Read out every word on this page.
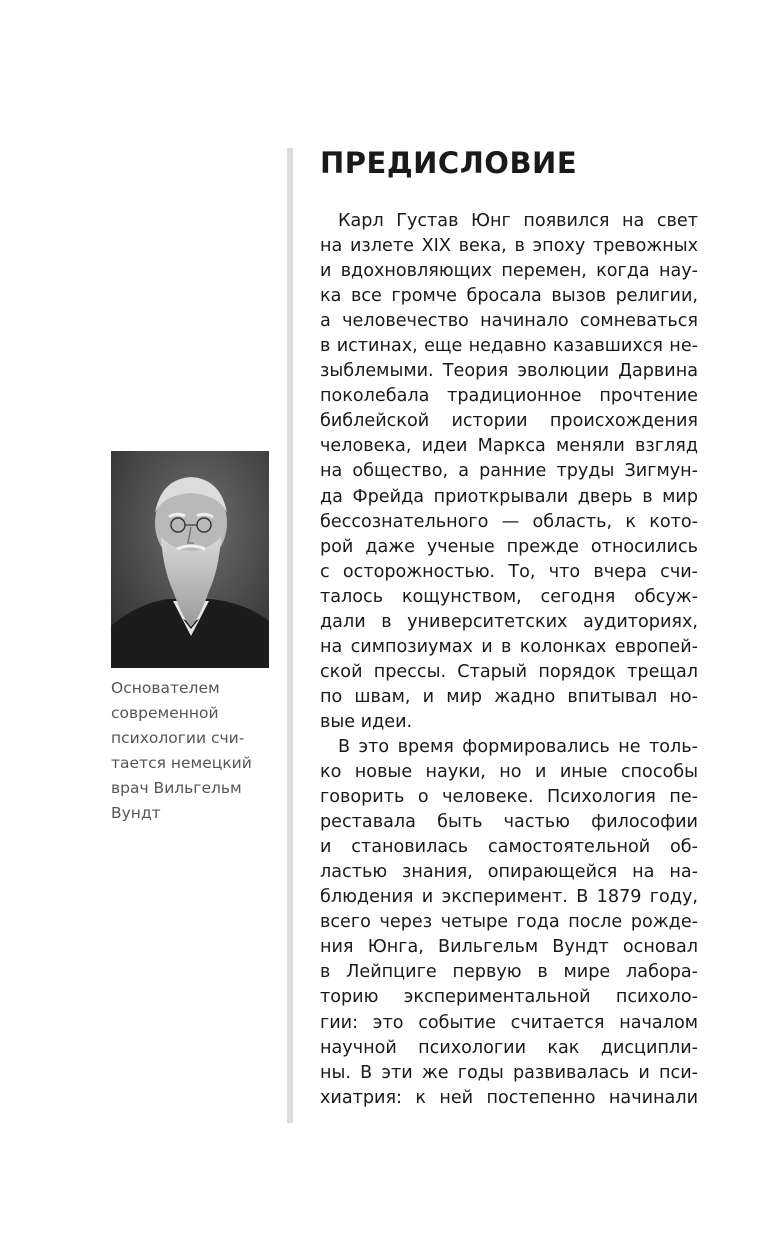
Основателем
современной
психологии счи-
тается немецкий
врач Вильгельм
Вундт
ПРЕДИСЛОВИЕ
Карл Густав Юнг появился на свет
на излете XIX века, в эпоху тревожных
и вдохновляющих перемен, когда нау-
ка все громче бросала вызов религии,
а человечество начинало сомневаться
в истинах, еще недавно казавшихся не-
зыблемыми. Теория эволюции Дарвина
поколебала традиционное прочтение
библейской истории происхождения
человека, идеи Маркса меняли взгляд
на общество, а ранние труды Зигмун-
да Фрейда приоткрывали дверь в мир
бессознательного — область, к кото-
рой даже ученые прежде относились
с осторожностью. То, что вчера счи-
талось кощунством, сегодня обсуж-
дали в университетских аудиториях,
на симпозиумах и в колонках европей-
ской прессы. Старый порядок трещал
по швам, и мир жадно впитывал но-
вые идеи.
В это время формировались не толь-
ко новые науки, но и иные способы
говорить о человеке. Психология пе-
реставала быть частью философии
и становилась самостоятельной об-
ластью знания, опирающейся на на-
блюдения и эксперимент. В 1879 году,
всего через четыре года после рожде-
ния Юнга, Вильгельм Вундт основал
в Лейпциге первую в мире лабора-
торию экспериментальной психоло-
гии: это событие считается началом
научной психологии как дисципли-
ны. В эти же годы развивалась и пси-
хиатрия: к ней постепенно начинали
